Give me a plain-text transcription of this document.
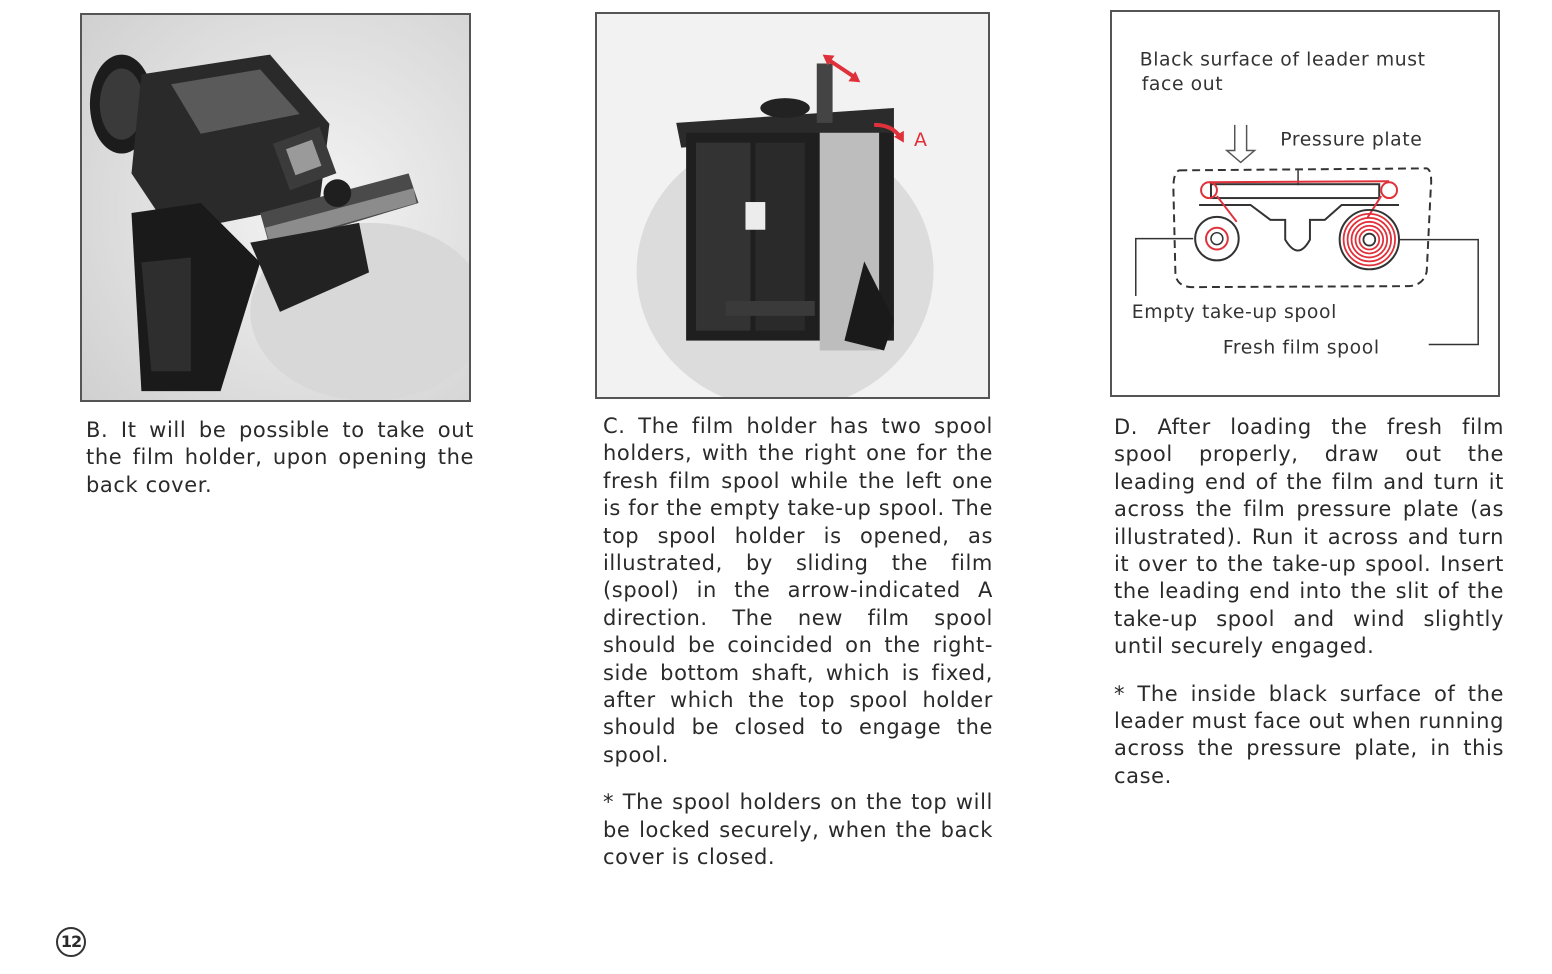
A
Black surface of leader must
face out
Pressure plate
Empty take-up spool
Fresh film spool

B. It will be possible to take out the film holder, upon opening the back cover.

C. The film holder has two spool holders, with the right one for the fresh film spool while the left one is for the empty take-up spool. The top spool holder is opened, as illustrated, by sliding the film (spool) in the arrow-indicated A direction. The new film spool should be coincided on the right-side bottom shaft, which is fixed, after which the top spool holder should be closed to engage the spool.

* The spool holders on the top will be locked securely, when the back cover is closed.

D. After loading the fresh film spool properly, draw out the leading end of the film and turn it across the film pressure plate (as illustrated). Run it across and turn it over to the take-up spool. Insert the leading end into the slit of the take-up spool and wind slightly until securely engaged.

* The inside black surface of the leader must face out when running across the pressure plate, in this case.

12
